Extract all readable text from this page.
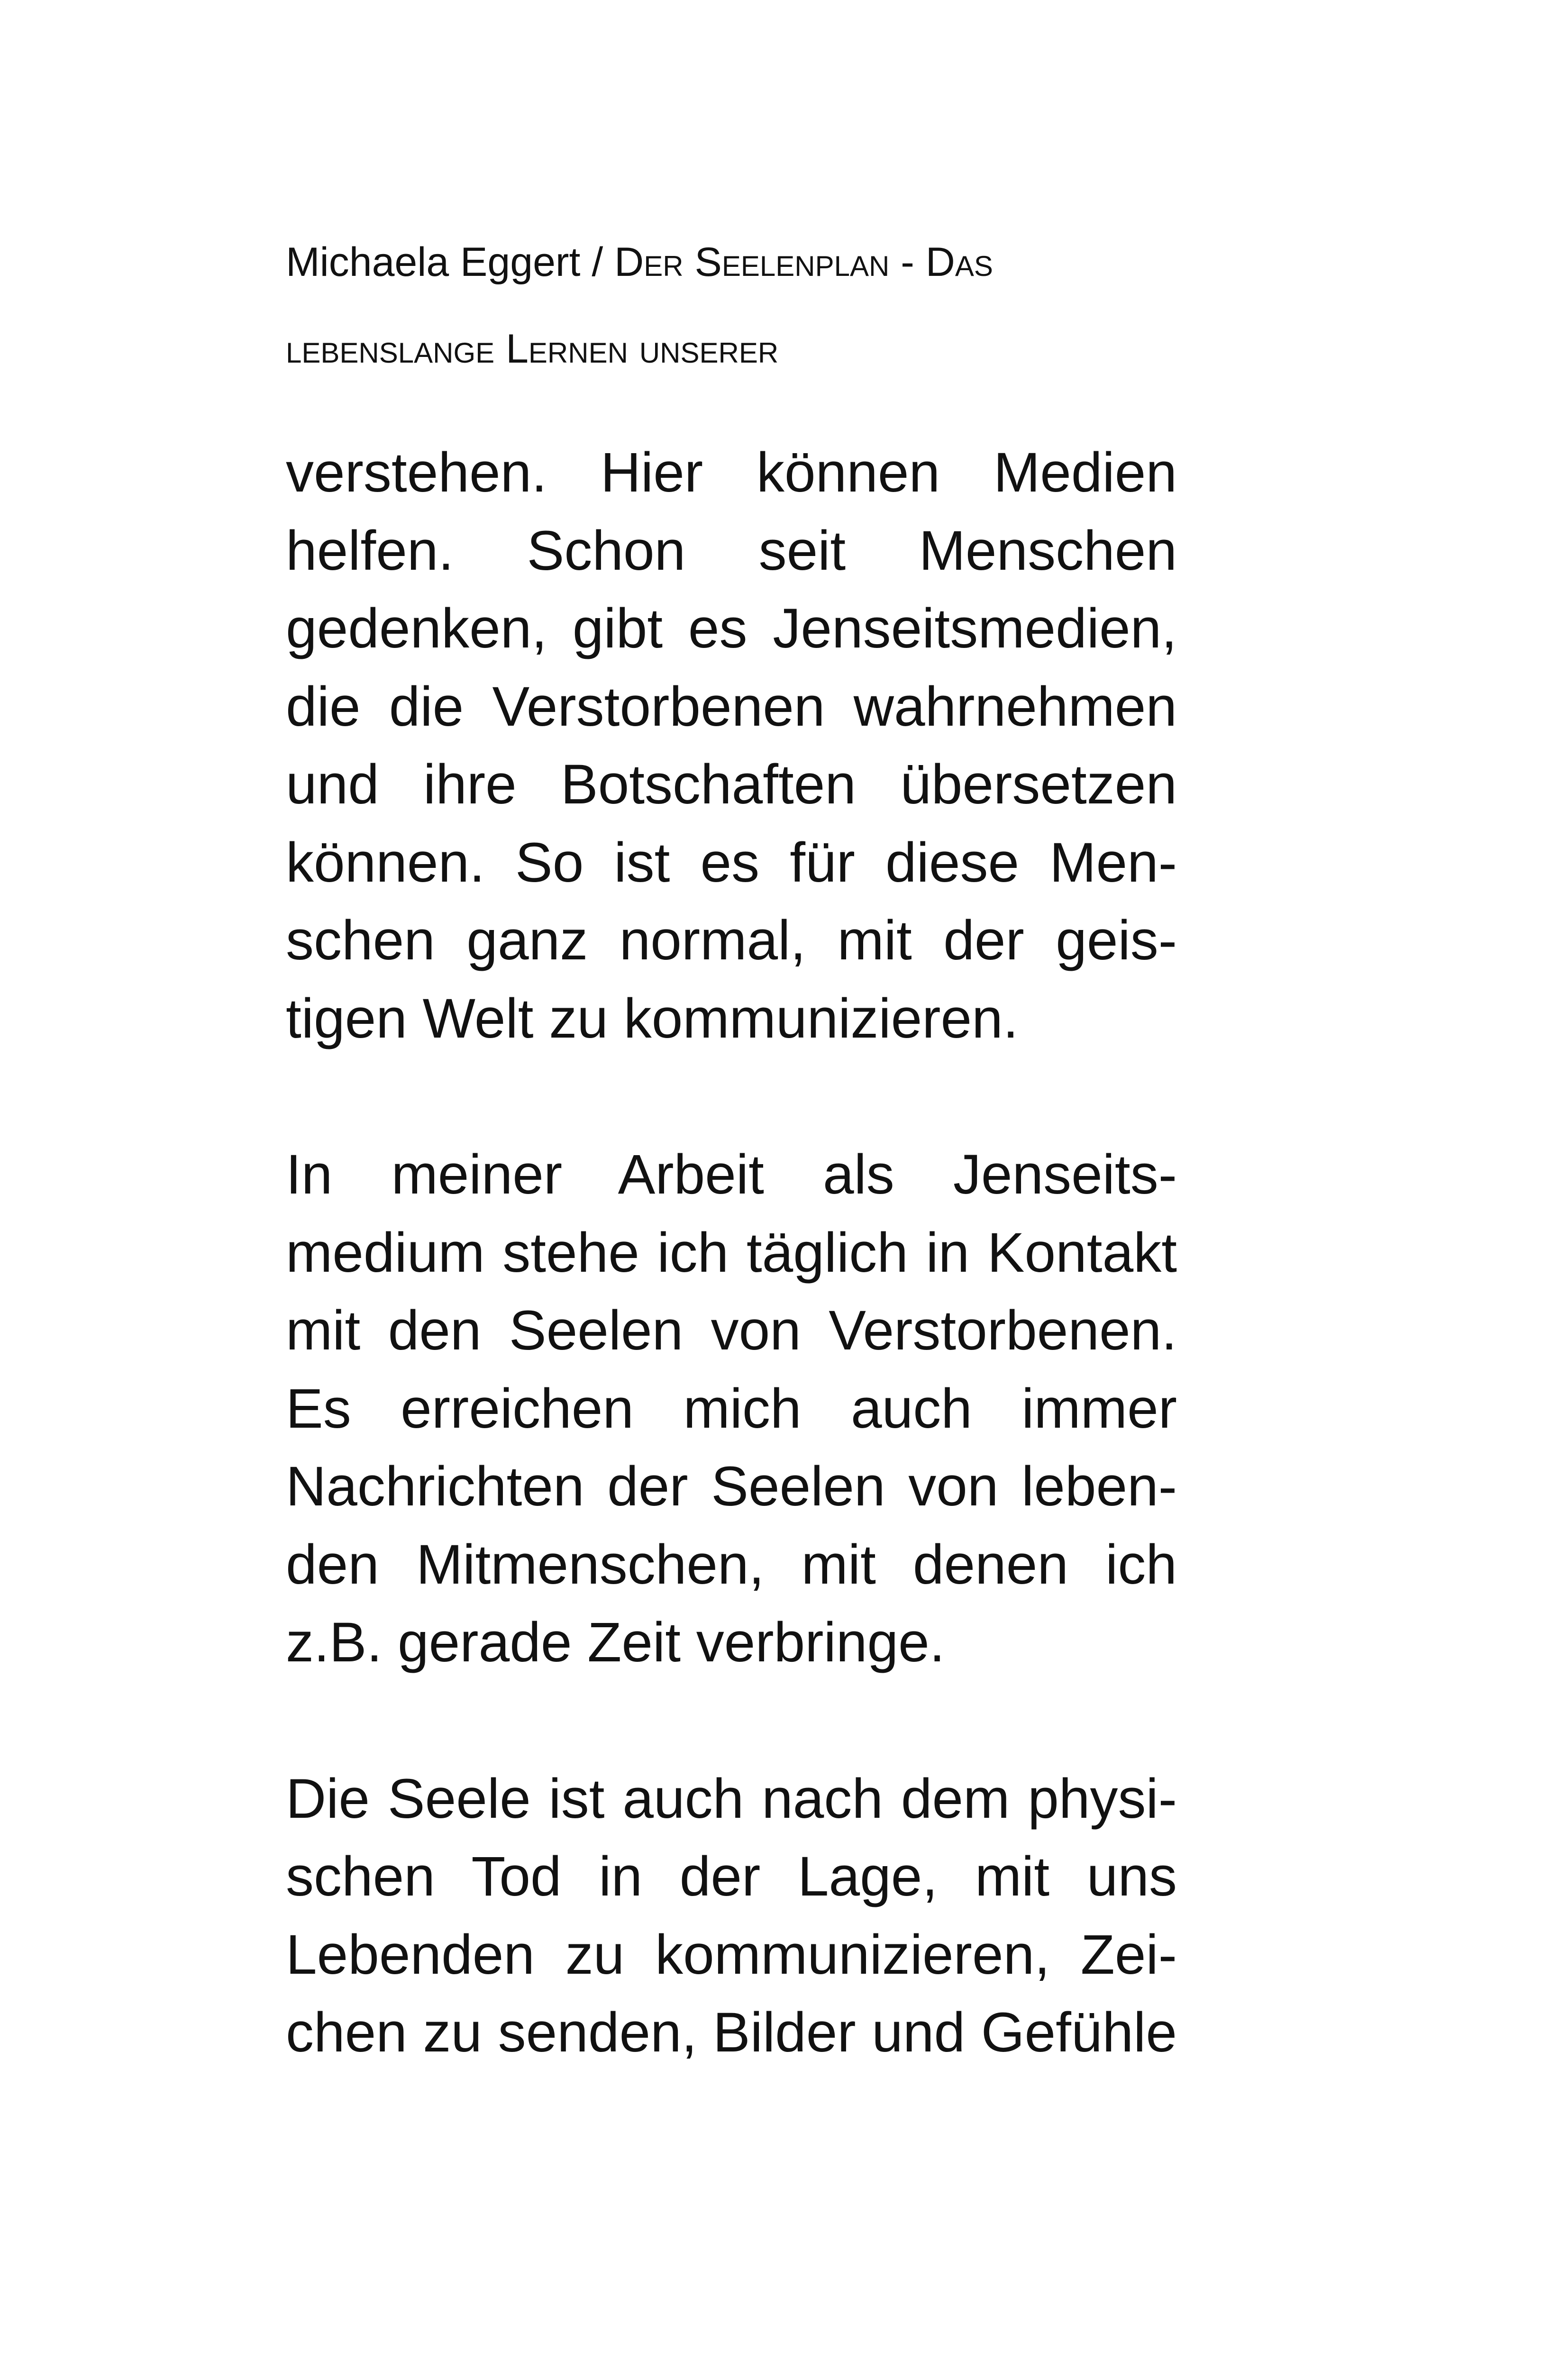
Michaela Eggert / Der Seelenplan - Das lebenslange Lernen unserer

verstehen. Hier können Medien
helfen. Schon seit Menschen
gedenken, gibt es Jenseitsmedien,
die die Verstorbenen wahrnehmen
und ihre Botschaften übersetzen
können. So ist es für diese Men-
schen ganz normal, mit der geis-
tigen Welt zu kommunizieren.

In meiner Arbeit als Jenseits-
medium stehe ich täglich in Kontakt
mit den Seelen von Verstorbenen.
Es erreichen mich auch immer
Nachrichten der Seelen von leben-
den Mitmenschen, mit denen ich
z.B. gerade Zeit verbringe.

Die Seele ist auch nach dem physi-
schen Tod in der Lage, mit uns
Lebenden zu kommunizieren, Zei-
chen zu senden, Bilder und Gefühle
